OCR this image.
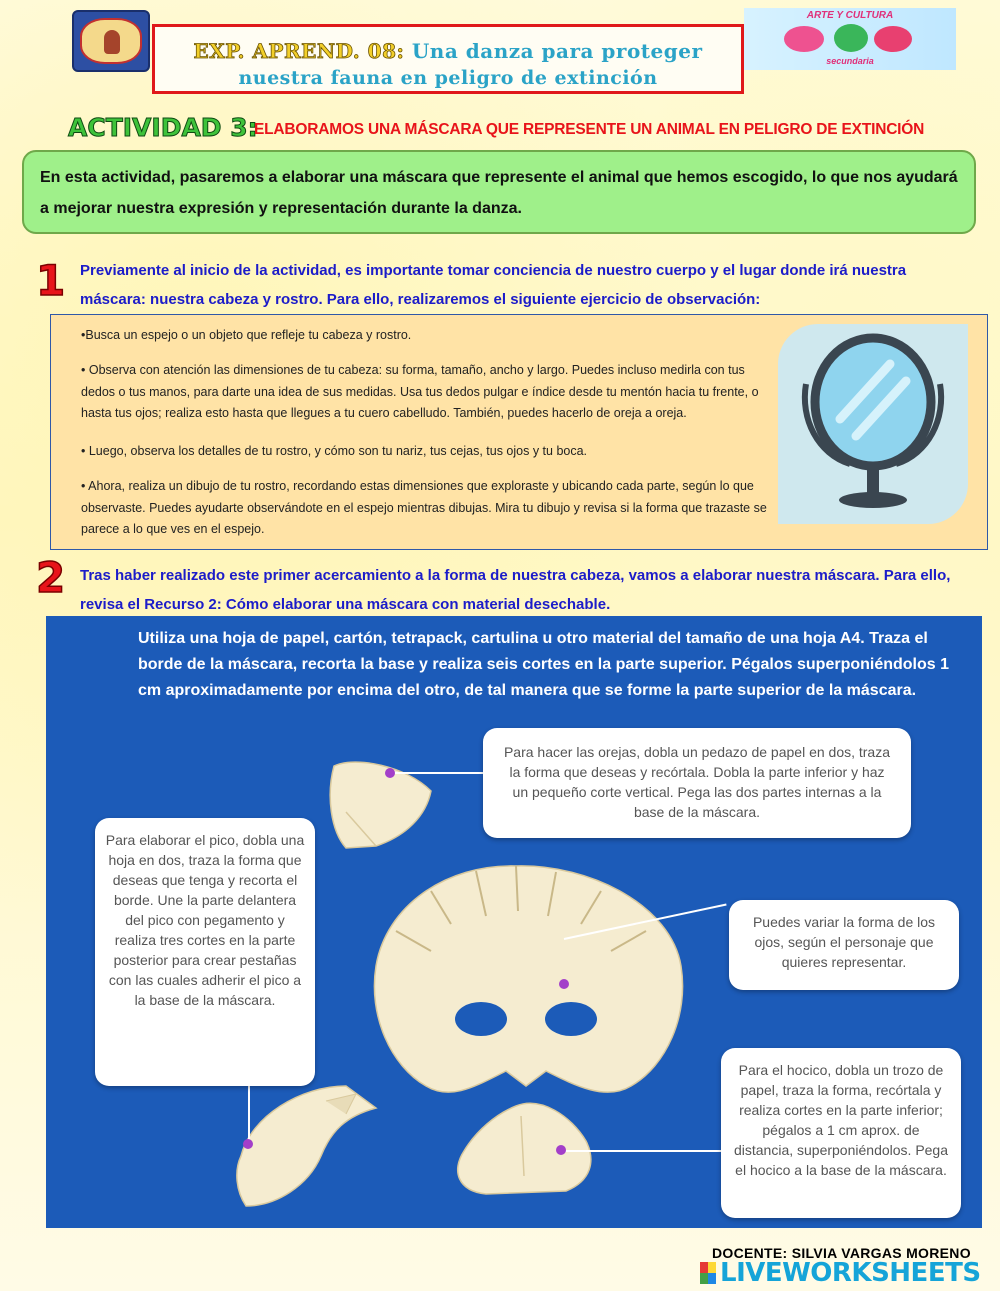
EXP. APREND. 08: Una danza para proteger
nuestra fauna en peligro de extinción
ARTE Y CULTURA
secundaria
ACTIVIDAD 3:
ELABORAMOS UNA MÁSCARA QUE REPRESENTE UN ANIMAL EN PELIGRO DE EXTINCIÓN
En esta actividad, pasaremos a elaborar una máscara que represente el animal que hemos escogido, lo que nos ayudará a mejorar nuestra expresión y representación durante la danza.
1 Previamente al inicio de la actividad, es importante tomar conciencia de nuestro cuerpo y el lugar donde irá nuestra máscara: nuestra cabeza y rostro. Para ello, realizaremos el siguiente ejercicio de observación:
•Busca un espejo o un objeto que refleje tu cabeza y rostro.
• Observa con atención las dimensiones de tu cabeza: su forma, tamaño, ancho y largo. Puedes incluso medirla con tus dedos o tus manos, para darte una idea de sus medidas. Usa tus dedos pulgar e índice desde tu mentón hacia tu frente, o hasta tus ojos; realiza esto hasta que llegues a tu cuero cabelludo. También, puedes hacerlo de oreja a oreja.
• Luego, observa los detalles de tu rostro, y cómo son tu nariz, tus cejas, tus ojos y tu boca.
• Ahora, realiza un dibujo de tu rostro, recordando estas dimensiones que exploraste y ubicando cada parte, según lo que observaste. Puedes ayudarte observándote en el espejo mientras dibujas. Mira tu dibujo y revisa si la forma que trazaste se parece a lo que ves en el espejo.
2 Tras haber realizado este primer acercamiento a la forma de nuestra cabeza, vamos a elaborar nuestra máscara. Para ello, revisa el Recurso 2: Cómo elaborar una máscara con material desechable.
Utiliza una hoja de papel, cartón, tetrapack, cartulina u otro material del tamaño de una hoja A4. Traza el borde de la máscara, recorta la base y realiza seis cortes en la parte superior. Pégalos superponiéndolos 1 cm aproximadamente por encima del otro, de tal manera que se forme la parte superior de la máscara.
Para hacer las orejas, dobla un pedazo de papel en dos, traza la forma que deseas y recórtala. Dobla la parte inferior y haz un pequeño corte vertical. Pega las dos partes internas a la base de la máscara.
Para elaborar el pico, dobla una hoja en dos, traza la forma que deseas que tenga y recorta el borde. Une la parte delantera del pico con pegamento y realiza tres cortes en la parte posterior para crear pestañas con las cuales adherir el pico a la base de la máscara.
Puedes variar la forma de los ojos, según el personaje que quieres representar.
Para el hocico, dobla un trozo de papel, traza la forma, recórtala y realiza cortes en la parte inferior; pégalos a 1 cm aprox. de distancia, superponiéndolos. Pega el hocico a la base de la máscara.
DOCENTE: SILVIA VARGAS MORENO
LIVEWORKSHEETS
